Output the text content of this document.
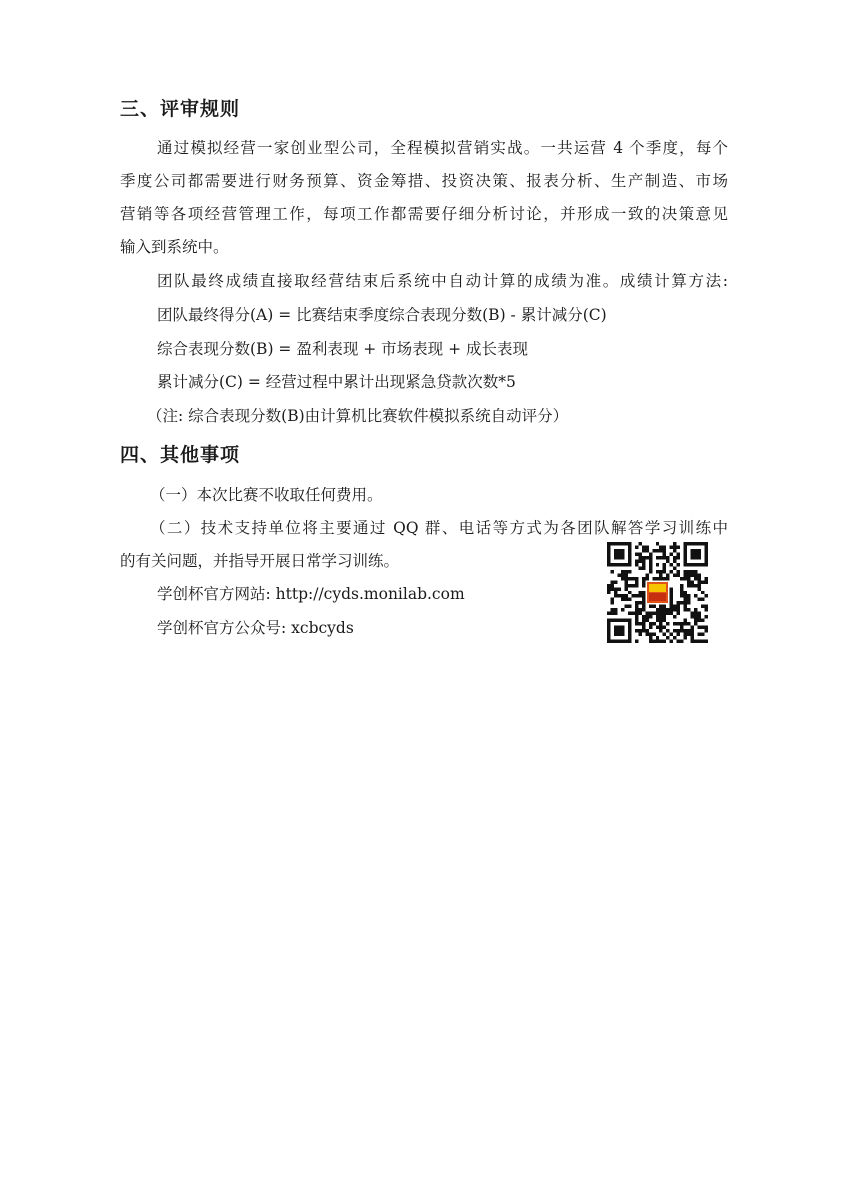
三、评审规则
通过模拟经营一家创业型公司，全程模拟营销实战。一共运营 4 个季度，每个
季度公司都需要进行财务预算、资金筹措、投资决策、报表分析、生产制造、市场
营销等各项经营管理工作，每项工作都需要仔细分析讨论，并形成一致的决策意见
输入到系统中。
团队最终成绩直接取经营结束后系统中自动计算的成绩为准。成绩计算方法:
团队最终得分(A) = 比赛结束季度综合表现分数(B) - 累计减分(C)
综合表现分数(B) = 盈利表现 + 市场表现 + 成长表现
累计减分(C) = 经营过程中累计出现紧急贷款次数*5
（注: 综合表现分数(B)由计算机比赛软件模拟系统自动评分）
四、其他事项
（一）本次比赛不收取任何费用。
（二）技术支持单位将主要通过 QQ 群、电话等方式为各团队解答学习训练中
的有关问题，并指导开展日常学习训练。
学创杯官方网站: http://cyds.monilab.com
学创杯官方公众号: xcbcyds
